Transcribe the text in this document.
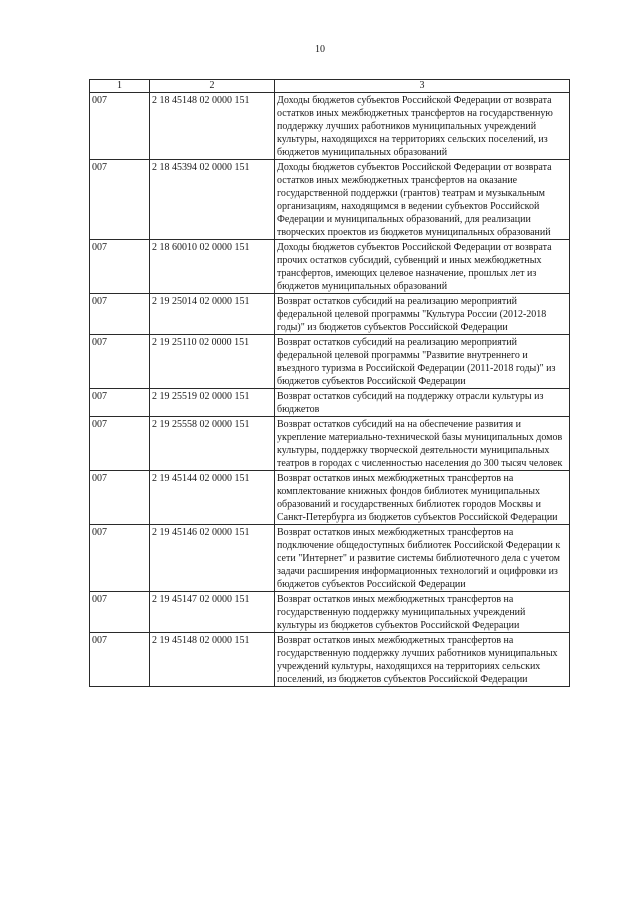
10
1	2	3
007	2 18 45148 02 0000 151	Доходы бюджетов субъектов Российской Федерации от возврата остатков иных межбюджетных трансфертов на государственную поддержку лучших работников муниципальных учреждений культуры, находящихся на территориях сельских поселений, из бюджетов муниципальных образований
007	2 18 45394 02 0000 151	Доходы бюджетов субъектов Российской Федерации от возврата остатков иных межбюджетных трансфертов на оказание государственной поддержки (грантов) театрам и музыкальным организациям, находящимся в ведении субъектов Российской Федерации и муниципальных образований, для реализации творческих проектов из бюджетов муниципальных образований
007	2 18 60010 02 0000 151	Доходы бюджетов субъектов Российской Федерации от возврата прочих остатков субсидий, субвенций и иных межбюджетных трансфертов, имеющих целевое назначение, прошлых лет из бюджетов муниципальных образований
007	2 19 25014 02 0000 151	Возврат остатков субсидий на реализацию мероприятий федеральной целевой программы "Культура России (2012-2018 годы)" из бюджетов субъектов Российской Федерации
007	2 19 25110 02 0000 151	Возврат остатков субсидий на реализацию мероприятий федеральной целевой программы "Развитие внутреннего и въездного туризма в Российской Федерации (2011-2018 годы)" из бюджетов субъектов Российской Федерации
007	2 19 25519 02 0000 151	Возврат остатков субсидий на поддержку отрасли культуры из бюджетов
007	2 19 25558 02 0000 151	Возврат остатков субсидий на на обеспечение развития и укрепление материально-технической базы муниципальных домов культуры, поддержку творческой деятельности муниципальных театров в городах с численностью населения до 300 тысяч человек
007	2 19 45144 02 0000 151	Возврат остатков иных межбюджетных трансфертов на комплектование книжных фондов библиотек муниципальных образований и государственных библиотек городов Москвы и Санкт-Петербурга из бюджетов субъектов Российской Федерации
007	2 19 45146 02 0000 151	Возврат остатков иных межбюджетных трансфертов на подключение общедоступных библиотек Российской Федерации к сети "Интернет" и развитие системы библиотечного дела с учетом задачи расширения информационных технологий и оцифровки из бюджетов субъектов Российской Федерации
007	2 19 45147 02 0000 151	Возврат остатков иных межбюджетных трансфертов на государственную поддержку муниципальных учреждений культуры из бюджетов субъектов Российской Федерации
007	2 19 45148 02 0000 151	Возврат остатков иных межбюджетных трансфертов на государственную поддержку лучших работников муниципальных учреждений культуры, находящихся на территориях сельских поселений, из бюджетов субъектов Российской Федерации
